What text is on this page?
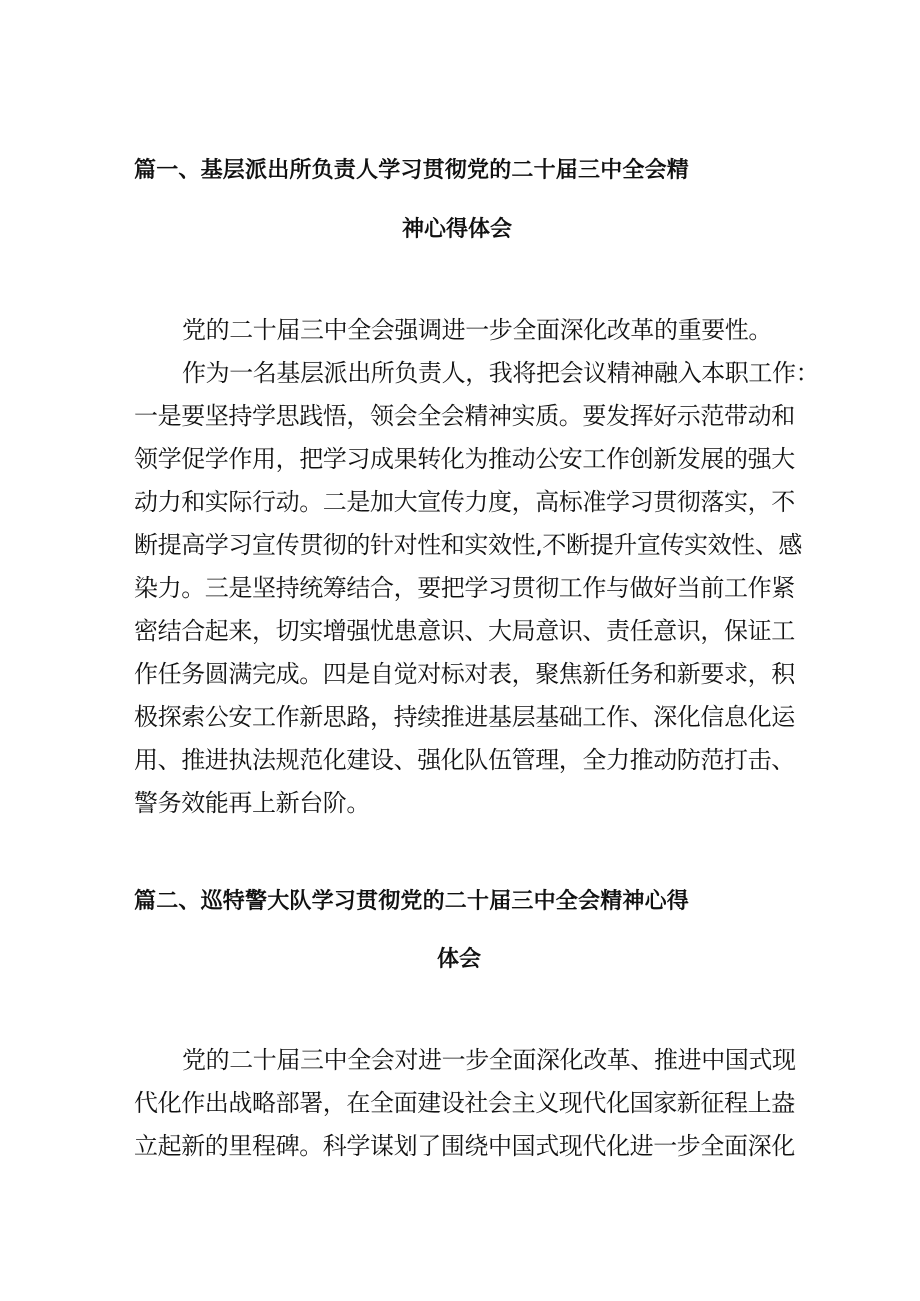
篇一、基层派出所负责人学习贯彻党的二十届三中全会精
神心得体会
党的二十届三中全会强调进一步全面深化改革的重要性。
作为一名基层派出所负责人，我将把会议精神融入本职工作：
一是要坚持学思践悟，领会全会精神实质。要发挥好示范带动和
领学促学作用，把学习成果转化为推动公安工作创新发展的强大
动力和实际行动。二是加大宣传力度，高标准学习贯彻落实，不
断提高学习宣传贯彻的针对性和实效性,不断提升宣传实效性、感
染力。三是坚持统筹结合，要把学习贯彻工作与做好当前工作紧
密结合起来，切实增强忧患意识、大局意识、责任意识，保证工
作任务圆满完成。四是自觉对标对表，聚焦新任务和新要求，积
极探索公安工作新思路，持续推进基层基础工作、深化信息化运
用、推进执法规范化建设、强化队伍管理，全力推动防范打击、
警务效能再上新台阶。
篇二、巡特警大队学习贯彻党的二十届三中全会精神心得
体会
党的二十届三中全会对进一步全面深化改革、推进中国式现
代化作出战略部署，在全面建设社会主义现代化国家新征程上盎
立起新的里程碑。科学谋划了围绕中国式现代化进一步全面深化
